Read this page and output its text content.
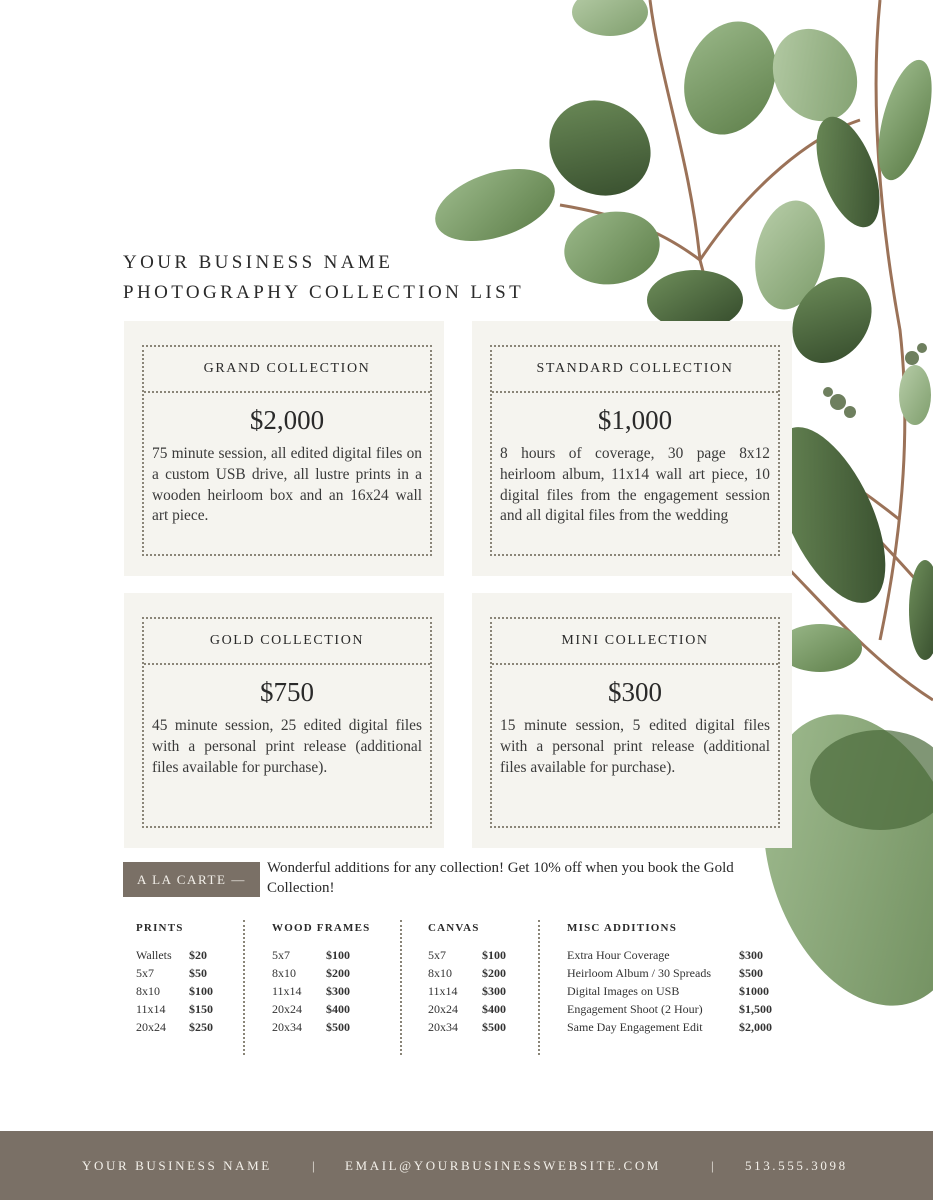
YOUR BUSINESS NAME
PHOTOGRAPHY COLLECTION LIST
GRAND COLLECTION
$2,000
75 minute session, all edited digital files on a custom USB drive, all lustre prints in a wooden heirloom box and an 16x24 wall art piece.
STANDARD COLLECTION
$1,000
8 hours of coverage, 30 page 8x12 heirloom album, 11x14 wall art piece, 10 digital files from the engagement session and all digital files from the wedding
GOLD COLLECTION
$750
45 minute session, 25 edited digital files with a personal print release (additional files available for purchase).
MINI COLLECTION
$300
15 minute session, 5 edited digital files with a personal print release (additional files available for purchase).
A LA CARTE —
Wonderful additions for any collection! Get 10% off when you book the Gold Collection!
PRINTS
Wallets	$20
5x7	$50
8x10	$100
11x14	$150
20x24	$250
WOOD FRAMES
5x7	$100
8x10	$200
11x14	$300
20x24	$400
20x34	$500
CANVAS
5x7	$100
8x10	$200
11x14	$300
20x24	$400
20x34	$500
MISC ADDITIONS
Extra Hour Coverage	$300
Heirloom Album / 30 Spreads	$500
Digital Images on USB	$1000
Engagement Shoot (2 Hour)	$1,500
Same Day Engagement Edit	$2,000
YOUR BUSINESS NAME	| EMAIL@YOURBUSINESSWEBSITE.COM	| 513.555.3098
